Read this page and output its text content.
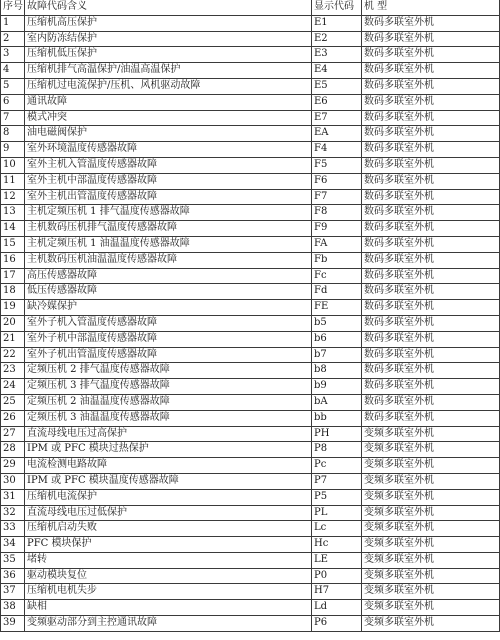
序号	故障代码含义	显示代码	机 型
1	压缩机高压保护	E1	数码多联室外机
2	室内防冻结保护	E2	数码多联室外机
3	压缩机低压保护	E3	数码多联室外机
4	压缩机排气高温保护/油温高温保护	E4	数码多联室外机
5	压缩机过电流保护/压机、风机驱动故障	E5	数码多联室外机
6	通讯故障	E6	数码多联室外机
7	模式冲突	E7	数码多联室外机
8	油电磁阀保护	EA	数码多联室外机
9	室外环境温度传感器故障	F4	数码多联室外机
10	室外主机入管温度传感器故障	F5	数码多联室外机
11	室外主机中部温度传感器故障	F6	数码多联室外机
12	室外主机出管温度传感器故障	F7	数码多联室外机
13	主机定频压机 1 排气温度传感器故障	F8	数码多联室外机
14	主机数码压机排气温度传感器故障	F9	数码多联室外机
15	主机定频压机 1 油温温度传感器故障	FA	数码多联室外机
16	主机数码压机油温温度传感器故障	Fb	数码多联室外机
17	高压传感器故障	Fc	数码多联室外机
18	低压传感器故障	Fd	数码多联室外机
19	缺冷媒保护	FE	数码多联室外机
20	室外子机入管温度传感器故障	b5	数码多联室外机
21	室外子机中部温度传感器故障	b6	数码多联室外机
22	室外子机出管温度传感器故障	b7	数码多联室外机
23	定频压机 2 排气温度传感器故障	b8	数码多联室外机
24	定频压机 3 排气温度传感器故障	b9	数码多联室外机
25	定频压机 2 油温温度传感器故障	bA	数码多联室外机
26	定频压机 3 油温温度传感器故障	bb	数码多联室外机
27	直流母线电压过高保护	PH	变频多联室外机
28	IPM 或 PFC 模块过热保护	P8	变频多联室外机
29	电流检测电路故障	Pc	变频多联室外机
30	IPM 或 PFC 模块温度传感器故障	P7	变频多联室外机
31	压缩机电流保护	P5	变频多联室外机
32	直流母线电压过低保护	PL	变频多联室外机
33	压缩机启动失败	Lc	变频多联室外机
34	PFC 模块保护	Hc	变频多联室外机
35	堵转	LE	变频多联室外机
36	驱动模块复位	P0	变频多联室外机
37	压缩机电机失步	H7	变频多联室外机
38	缺相	Ld	变频多联室外机
39	变频驱动部分到主控通讯故障	P6	变频多联室外机
